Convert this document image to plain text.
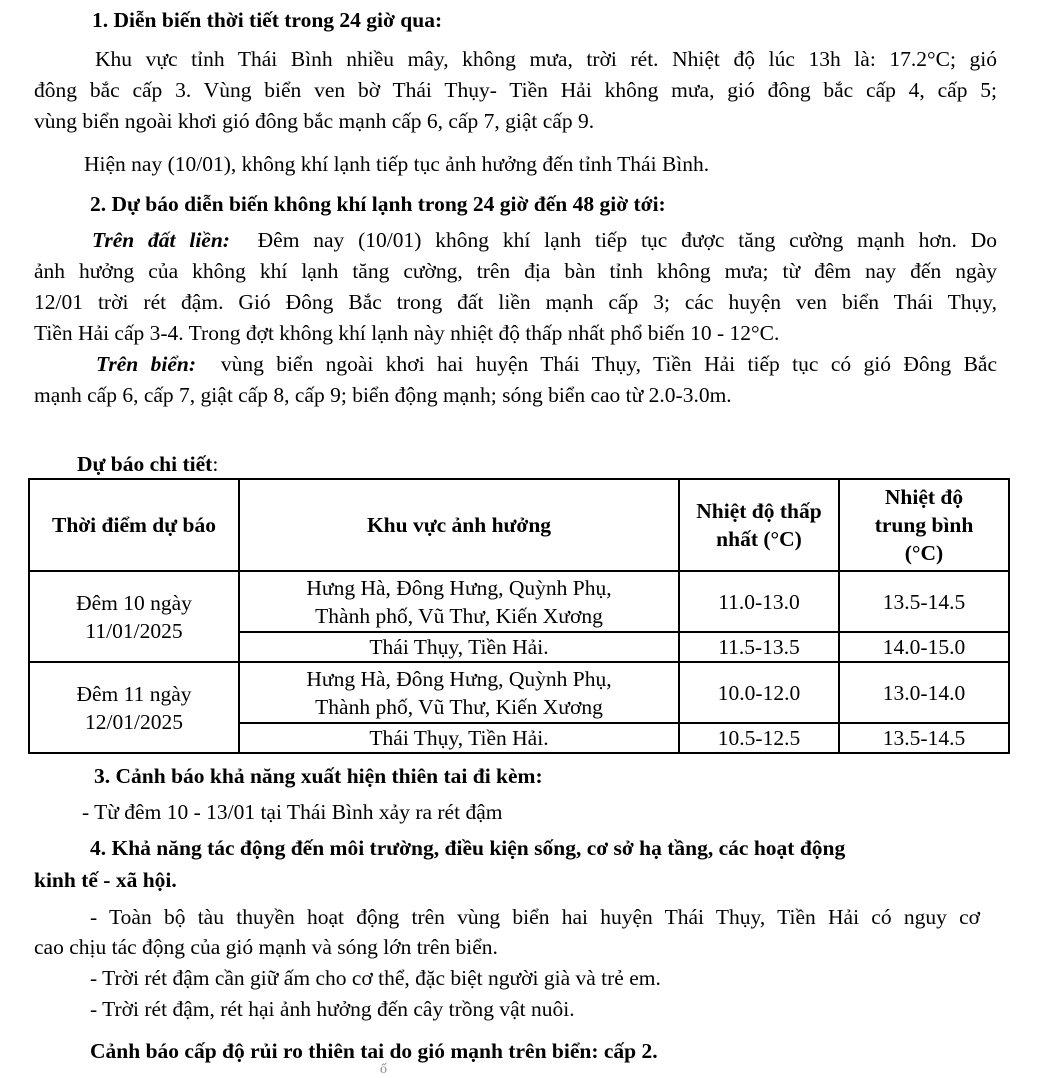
1. Diễn biến thời tiết trong 24 giờ qua:
Khu vực tỉnh Thái Bình nhiều mây, không mưa, trời rét. Nhiệt độ lúc 13h là: 17.2°C; gió
đông bắc cấp 3. Vùng biển ven bờ Thái Thụy- Tiền Hải không mưa, gió đông bắc cấp 4, cấp 5;
vùng biển ngoài khơi gió đông bắc mạnh cấp 6, cấp 7, giật cấp 9.
Hiện nay (10/01), không khí lạnh tiếp tục ảnh hưởng đến tỉnh Thái Bình.
2. Dự báo diễn biến không khí lạnh trong 24 giờ đến 48 giờ tới:
Trên đất liền: Đêm nay (10/01) không khí lạnh tiếp tục được tăng cường mạnh hơn. Do
ảnh hưởng của không khí lạnh tăng cường, trên địa bàn tỉnh không mưa; từ đêm nay đến ngày
12/01 trời rét đậm. Gió Đông Bắc trong đất liền mạnh cấp 3; các huyện ven biển Thái Thụy,
Tiền Hải cấp 3-4. Trong đợt không khí lạnh này nhiệt độ thấp nhất phổ biến 10 - 12°C.
Trên biển: vùng biển ngoài khơi hai huyện Thái Thụy, Tiền Hải tiếp tục có gió Đông Bắc
mạnh cấp 6, cấp 7, giật cấp 8, cấp 9; biển động mạnh; sóng biển cao từ 2.0-3.0m.
Dự báo chi tiết:
Thời điểm dự báo	Khu vực ảnh hưởng	Nhiệt độ thấp
nhất (°C)	Nhiệt độ
trung bình
(°C)
Đêm 10 ngày
11/01/2025	Hưng Hà, Đông Hưng, Quỳnh Phụ,
Thành phố, Vũ Thư, Kiến Xương	11.0-13.0	13.5-14.5
	Thái Thụy, Tiền Hải.	11.5-13.5	14.0-15.0
Đêm 11 ngày
12/01/2025	Hưng Hà, Đông Hưng, Quỳnh Phụ,
Thành phố, Vũ Thư, Kiến Xương	10.0-12.0	13.0-14.0
	Thái Thụy, Tiền Hải.	10.5-12.5	13.5-14.5
3. Cảnh báo khả năng xuất hiện thiên tai đi kèm:
- Từ đêm 10 - 13/01 tại Thái Bình xảy ra rét đậm
4. Khả năng tác động đến môi trường, điều kiện sống, cơ sở hạ tầng, các hoạt động
kinh tế - xã hội.
- Toàn bộ tàu thuyền hoạt động trên vùng biển hai huyện Thái Thụy, Tiền Hải có nguy cơ
cao chịu tác động của gió mạnh và sóng lớn trên biển.
- Trời rét đậm cần giữ ấm cho cơ thể, đặc biệt người già và trẻ em.
- Trời rét đậm, rét hại ảnh hưởng đến cây trồng vật nuôi.
Cảnh báo cấp độ rủi ro thiên tai do gió mạnh trên biển: cấp 2.
ố
